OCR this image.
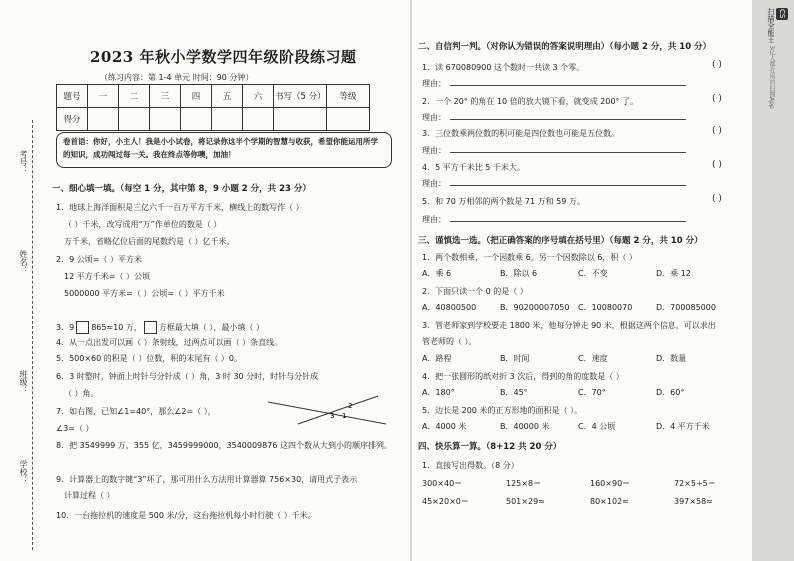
考号：
姓名：
班级：
学校：
2023 年秋小学数学四年级阶段练习题
（练习内容：第 1-4 单元 时间：90 分钟）
题号	一	二	三	四	五	六	书写（5 分）	等级
得分								
卷首语：你好，小主人！我是小小试卷，将记录你这半个学期的智慧与收获，希望你能运用所学的知识，成功闯过每一关。我在终点等你噢，加油！
一、细心填一填。（每空 1 分，其中第 8，9 小题 2 分，共 23 分）
1．地球上海洋面积是三亿六千一百万平方千米，横线上的数写作（ ）
（ ）千米，改写成用“万”作单位的数是（ ）
万千米，省略亿位后面的尾数约是（ ）亿千米。
2．9 公顷=（ ）平方米
12 平方千米=（ ）公顷
5000000 平方米=（ ）公顷=（ ）平方千米
3．9 865≈10 万， 方框最大填（ ），最小填（ ）
4．从一点出发可以画（ ）条射线，过两点可以画（ ）条直线。
5．500×60 的积是（ ）位数，积的末尾有（ ）0。
6．3 时整时，钟面上时针与分针成（ ）角，3 时 30 分时，时针与分针成
（ ）角。
7．如右图，已知∠1=40°，那么∠2=（ ），
∠3=（ ）
3 1
2
8．把 3549999 万，355 亿，3459999000，3540009876 这四个数从大到小的顺序排列。
9．计算器上的数字键“3”坏了，那可用什么方法用计算器算 756×30，请用式子表示
计算过程（ ）
10．一台拖拉机的速度是 500 米/分，这台拖拉机每小时行驶（ ）千米。
二、自信判一判。（对你认为错误的答案说明理由）（每小题 2 分，共 10 分）
1．读 670080900 这个数时一共读 3 个零。	( )
理由：
2．一个 20° 的角在 10 倍的放大镜下看，就变成 200° 了。	( )
理由：
3．三位数乘两位数的积可能是四位数也可能是五位数。	( )
理由：
4．5 平方千米比 5 千米大。	( )
理由：
5．和 70 万相邻的两个数是 71 万和 59 万。	( )
理由：
三、谨慎选一选。（把正确答案的序号填在括号里）（每题 2 分，共 10 分）
1．两个数相乘，一个因数乘 6，另一个因数除以 6，积（ ）
A．乘 6	B．除以 6	C．不变	D．乘 12
2．下面只读一个 0 的是（ ）
A．40800500	B．90200007050 C．10080070	D．700085000
3．管老师家到学校要走 1800 米，他每分钟走 90 米，根据这两个信息，可以求出
管老师的（ ）。
A．路程	B．时间	C．速度	D．数量
4．把一张圆形的纸对折 3 次后，得到的角的度数是（ ）
A．180°	B．45°	C．70°	D．60°
5．边长是 200 米的正方形地的面积是（ ）。
A．4000 米	B．40000 米	C．4 公顷	D．4 平方千米
四、快乐算一算。（8+12 共 20 分）
1．直接写出得数。（8 分）
300×40＝	125×8＝	160×90＝	72×5÷5＝
45×20×0＝	501×29≈	80×102≈	397×58≈
CS
扫描全能王 3亿人都在用的扫描App
